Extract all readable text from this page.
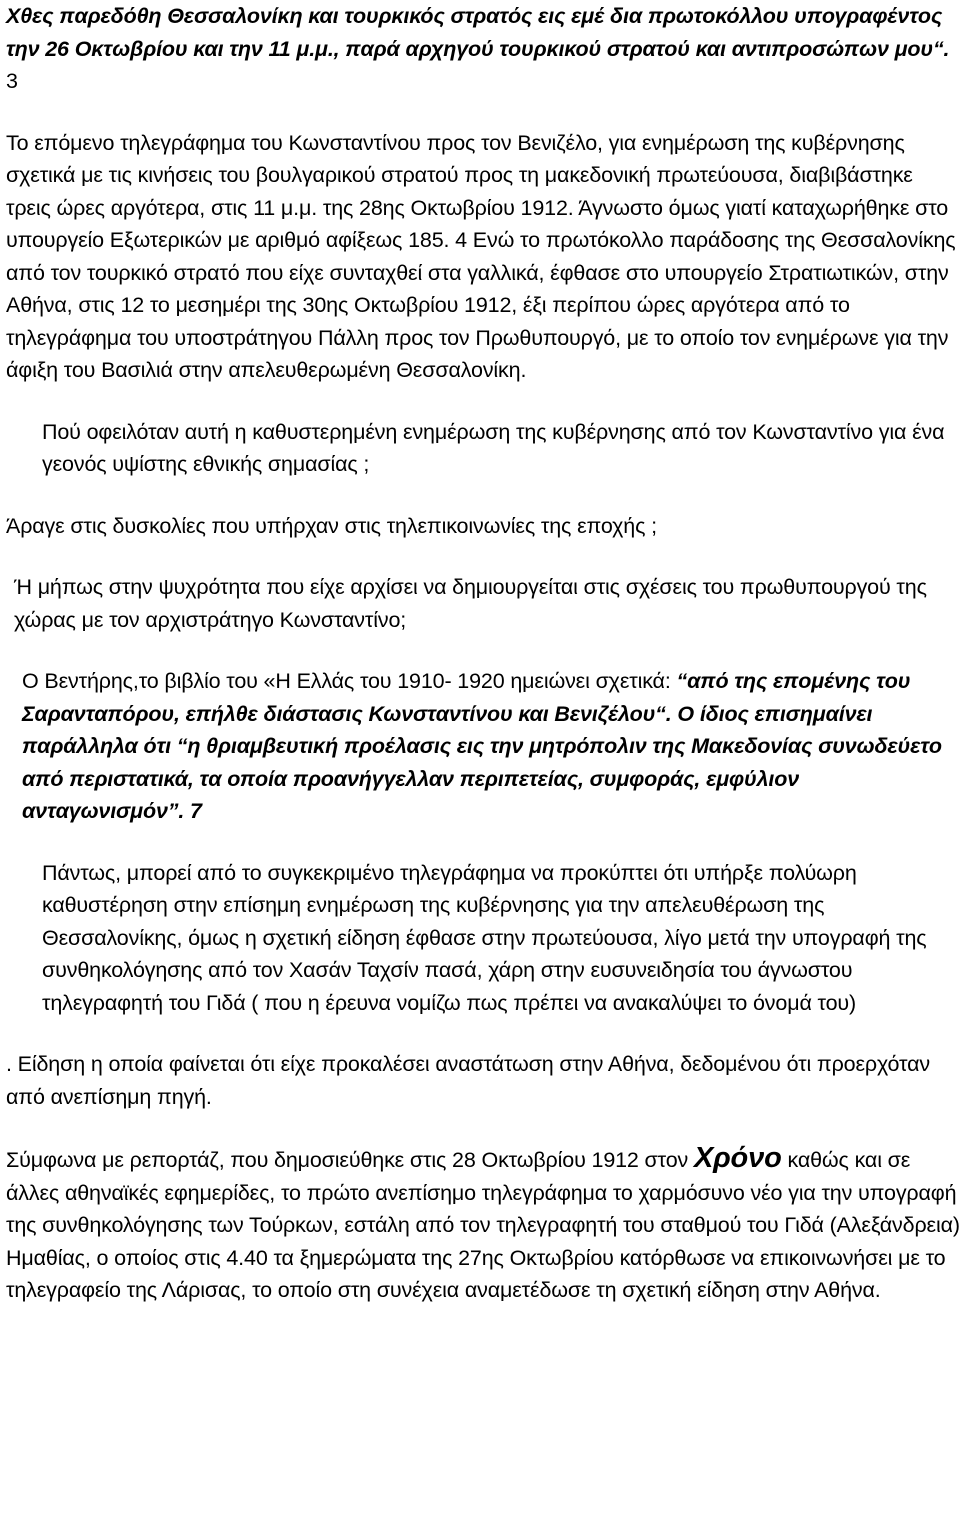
Χθες παρεδόθη Θεσσαλονίκη και τουρκικός στρατός εις εμέ δια πρωτοκόλλου υπογραφέντος την 26 Οκτωβρίου και την 11 μ.μ., παρά αρχηγού τουρκικού στρατού και αντιπροσώπων μου“. 3

Το επόμενο τηλεγράφημα του Κωνσταντίνου προς τον Βενιζέλο, για ενημέρωση της κυβέρνησης σχετικά με τις κινήσεις του βουλγαρικού στρατού προς τη μακεδονική πρωτεύουσα, διαβιβάστηκε τρεις ώρες αργότερα, στις 11 μ.μ. της 28ης Οκτωβρίου 1912. Άγνωστο όμως γιατί καταχωρήθηκε στο υπουργείο Εξωτερικών με αριθμό αφίξεως 185. 4 Ενώ το πρωτόκολλο παράδοσης της Θεσσαλονίκης από τον τουρκικό στρατό που είχε συνταχθεί στα γαλλικά, έφθασε στο υπουργείο Στρατιωτικών, στην Αθήνα, στις 12 το μεσημέρι της 30ης Οκτωβρίου 1912, έξι περίπου ώρες αργότερα από το τηλεγράφημα του υποστράτηγου Πάλλη προς τον Πρωθυπουργό, με το οποίο τον ενημέρωνε για την άφιξη του Βασιλιά στην απελευθερωμένη Θεσσαλονίκη.

Πού οφειλόταν αυτή η καθυστερημένη ενημέρωση της κυβέρνησης από τον Κωνσταντίνο για ένα γεονός υψίστης εθνικής σημασίας ;

Άραγε στις δυσκολίες που υπήρχαν στις τηλεπικοινωνίες της εποχής ;

Ή μήπως στην ψυχρότητα που είχε αρχίσει να δημιουργείται στις σχέσεις του πρωθυπουργού της χώρας με τον αρχιστράτηγο Κωνσταντίνο;

Ο Βεντήρης,το βιβλίο του «Η Ελλάς του 1910- 1920 ημειώνει σχετικά: “από της επομένης του Σαρανταπόρου, επήλθε διάστασις Κωνσταντίνου και Βενιζέλου“. Ο ίδιος επισημαίνει παράλληλα ότι “η θριαμβευτική προέλασις εις την μητρόπολιν της Μακεδονίας συνωδεύετο από περιστατικά, τα οποία προανήγγελλαν περιπετείας, συμφοράς, εμφύλιον ανταγωνισμόν”. 7

Πάντως, μπορεί από το συγκεκριμένο τηλεγράφημα να προκύπτει ότι υπήρξε πολύωρη καθυστέρηση στην επίσημη ενημέρωση της κυβέρνησης για την απελευθέρωση της Θεσσαλονίκης, όμως η σχετική είδηση έφθασε στην πρωτεύουσα, λίγο μετά την υπογραφή της συνθηκολόγησης από τον Χασάν Ταχσίν πασά, χάρη στην ευσυνειδησία του άγνωστου τηλεγραφητή του Γιδά ( που η έρευνα νομίζω πως πρέπει να ανακαλύψει το όνομά του)

. Είδηση η οποία φαίνεται ότι είχε προκαλέσει αναστάτωση στην Αθήνα, δεδομένου ότι προερχόταν από ανεπίσημη πηγή.

Σύμφωνα με ρεπορτάζ, που δημοσιεύθηκε στις 28 Οκτωβρίου 1912 στον Χρόνο καθώς και σε άλλες αθηναϊκές εφημερίδες, το πρώτο ανεπίσημο τηλεγράφημα το χαρμόσυνο νέο για την υπογραφή της συνθηκολόγησης των Τούρκων, εστάλη από τον τηλεγραφητή του σταθμού του Γιδά (Αλεξάνδρεια) Ημαθίας, ο οποίος στις 4.40 τα ξημερώματα της 27ης Οκτωβρίου κατόρθωσε να επικοινωνήσει με το τηλεγραφείο της Λάρισας, το οποίο στη συνέχεια αναμετέδωσε τη σχετική είδηση στην Αθήνα.
